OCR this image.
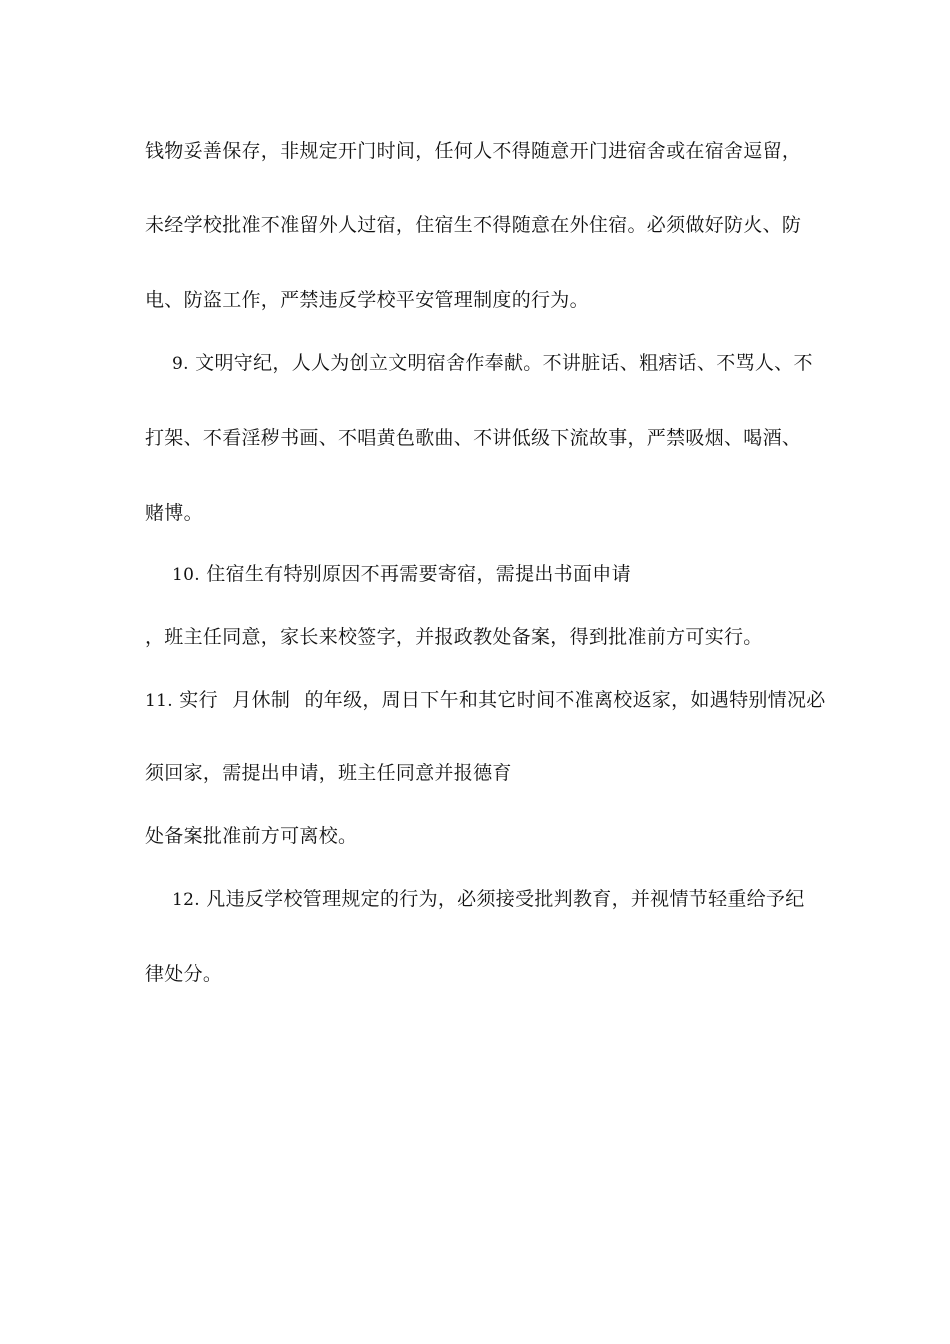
钱物妥善保存，非规定开门时间，任何人不得随意开门进宿舍或在宿舍逗留，
未经学校批准不准留外人过宿，住宿生不得随意在外住宿。必须做好防火、防
电、防盗工作，严禁违反学校平安管理制度的行为。
9. 文明守纪，人人为创立文明宿舍作奉献。不讲脏话、粗痞话、不骂人、不
打架、不看淫秽书画、不唱黄色歌曲、不讲低级下流故事，严禁吸烟、喝酒、
赌博。
10. 住宿生有特别原因不再需要寄宿，需提出书面申请
，班主任同意，家长来校签字，并报政教处备案，得到批准前方可实行。
11. 实行 月休制 的年级，周日下午和其它时间不准离校返家，如遇特别情况必
须回家，需提出申请，班主任同意并报德育
处备案批准前方可离校。
12. 凡违反学校管理规定的行为，必须接受批判教育，并视情节轻重给予纪
律处分。
